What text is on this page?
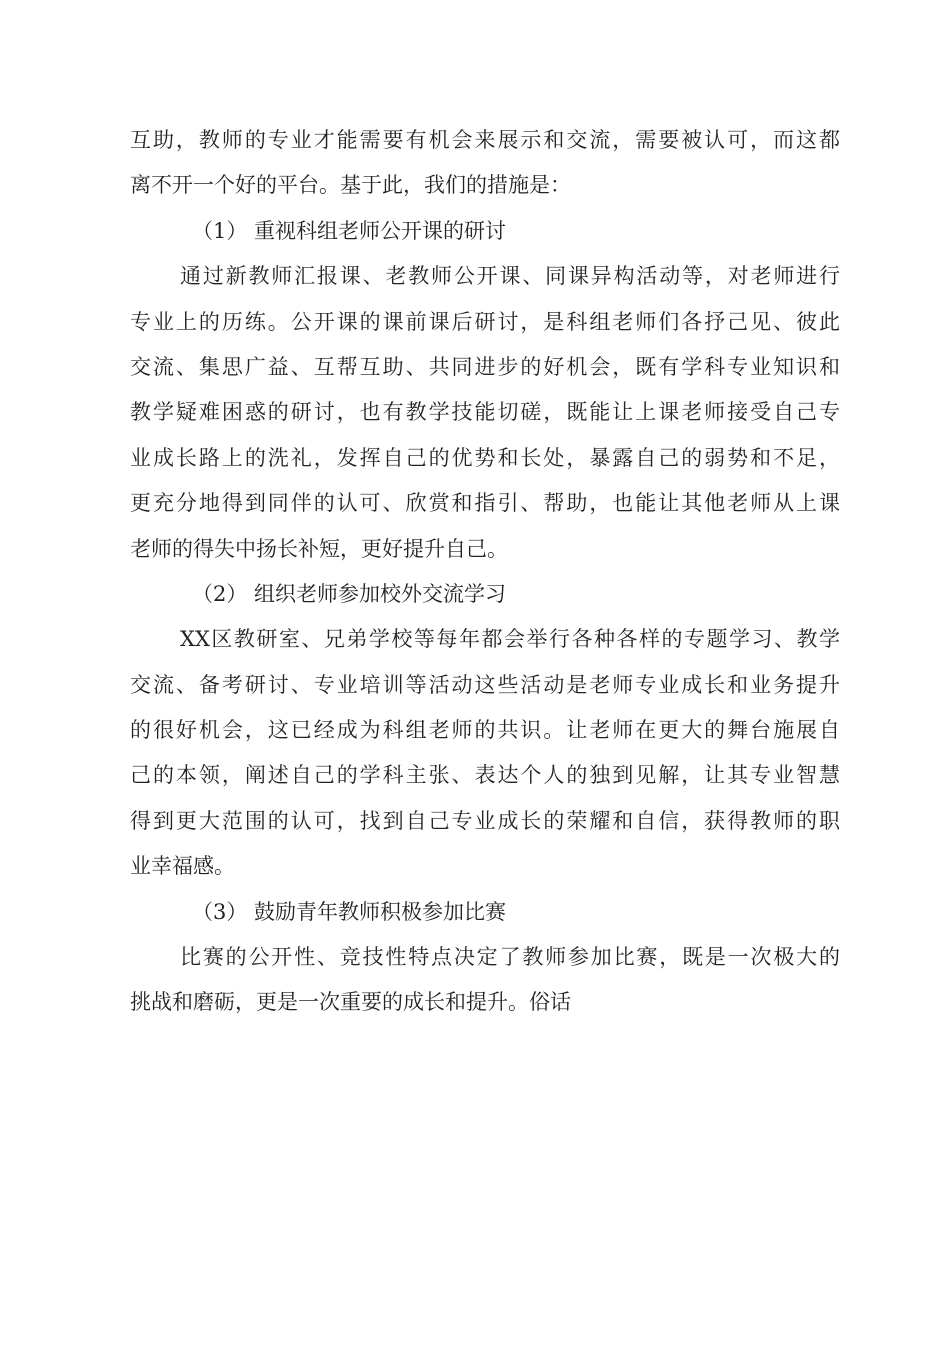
互助，教师的专业才能需要有机会来展示和交流，需要被认可，而这都
离不开一个好的平台。基于此，我们的措施是：
（1） 重视科组老师公开课的研讨
通过新教师汇报课、老教师公开课、同课异构活动等，对老师进行
专业上的历练。公开课的课前课后研讨，是科组老师们各抒己见、彼此
交流、集思广益、互帮互助、共同进步的好机会，既有学科专业知识和
教学疑难困惑的研讨，也有教学技能切磋，既能让上课老师接受自己专
业成长路上的洗礼，发挥自己的优势和长处，暴露自己的弱势和不足，
更充分地得到同伴的认可、欣赏和指引、帮助，也能让其他老师从上课
老师的得失中扬长补短，更好提升自己。
（2） 组织老师参加校外交流学习
XX区教研室、兄弟学校等每年都会举行各种各样的专题学习、教学
交流、备考研讨、专业培训等活动这些活动是老师专业成长和业务提升
的很好机会，这已经成为科组老师的共识。让老师在更大的舞台施展自
己的本领，阐述自己的学科主张、表达个人的独到见解，让其专业智慧
得到更大范围的认可，找到自己专业成长的荣耀和自信，获得教师的职
业幸福感。
（3） 鼓励青年教师积极参加比赛
比赛的公开性、竞技性特点决定了教师参加比赛，既是一次极大的
挑战和磨砺，更是一次重要的成长和提升。俗话
